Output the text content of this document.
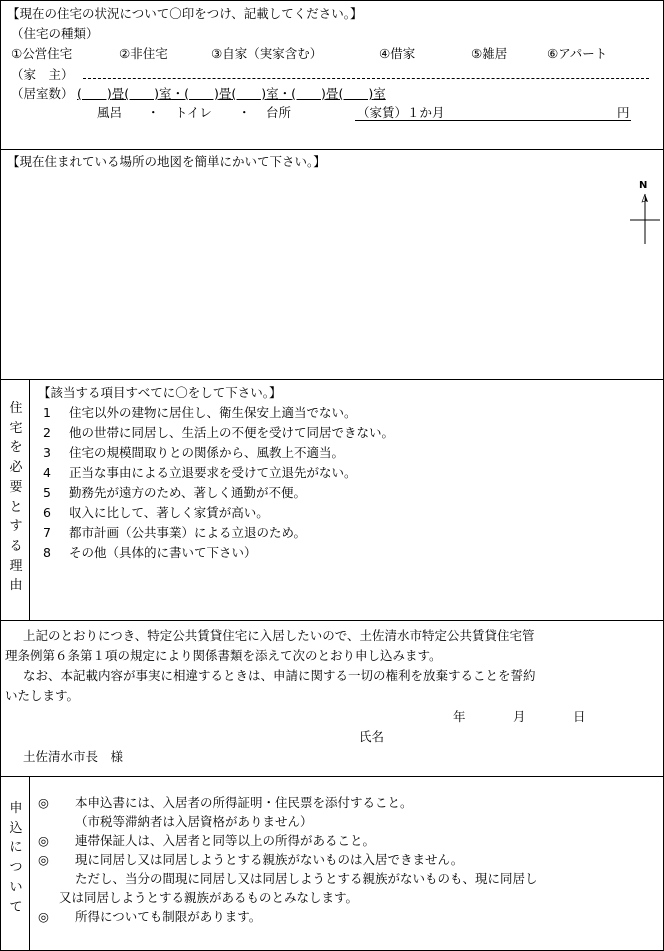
【現在の住宅の状況について〇印をつけ、記載してください。】
（住宅の種類）
①公営住宅	②非住宅	③自家（実家含む）	④借家	⑤雑居	⑥アパート
（家　主）
（居室数） (　　)畳(　　)室・(　　)畳(　　)室・(　　)畳(　　)室
風呂 ・ トイレ ・ 台所	（家賃）１か月	円
【現在住まれている場所の地図を簡単にかいて下さい。】
N
住
宅
を
必
要
と
す
る
理
由
【該当する項目すべてに〇をして下さい。】
1 住宅以外の建物に居住し、衛生保安上適当でない。
2 他の世帯に同居し、生活上の不便を受けて同居できない。
3 住宅の規模間取りとの関係から、風教上不適当。
4 正当な事由による立退要求を受けて立退先がない。
5 勤務先が遠方のため、著しく通勤が不便。
6 収入に比して、著しく家賃が高い。
7 都市計画（公共事業）による立退のため。
8 その他（具体的に書いて下さい）
上記のとおりにつき、特定公共賃貸住宅に入居したいので、土佐清水市特定公共賃貸住宅管
理条例第６条第１項の規定により関係書類を添えて次のとおり申し込みます。
なお、本記載内容が事実に相違するときは、申請に関する一切の権利を放棄することを誓約
いたします。
年	月	日
氏名
土佐清水市長　様
申
込
に
つ
い
て
◎ 本申込書には、入居者の所得証明・住民票を添付すること。
（市税等滞納者は入居資格がありません）
◎ 連帯保証人は、入居者と同等以上の所得があること。
◎ 現に同居し又は同居しようとする親族がないものは入居できません。
ただし、当分の間現に同居し又は同居しようとする親族がないものも、現に同居し
又は同居しようとする親族があるものとみなします。
◎ 所得についても制限があります。
